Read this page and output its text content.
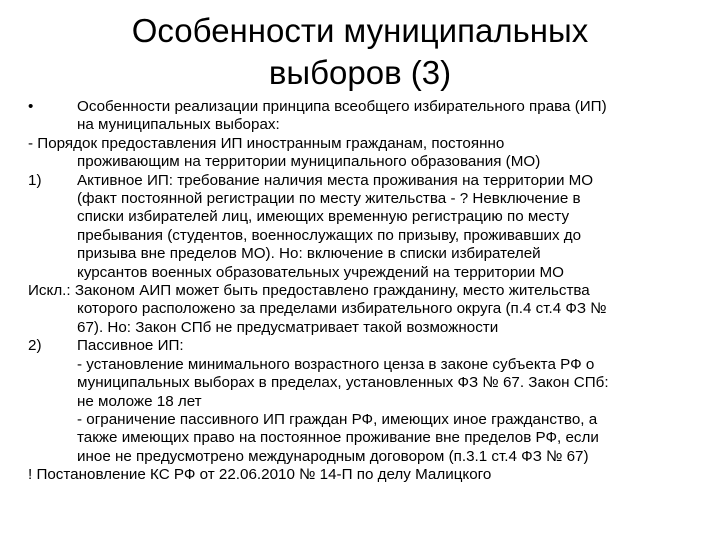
Особенности муниципальных
выборов (3)
•	Особенности реализации принципа всеобщего избирательного права (ИП)
на муниципальных выборах:
- Порядок предоставления ИП иностранным гражданам, постоянно
проживающим на территории муниципального образования (МО)
1) Активное ИП: требование наличия места проживания на территории МО
(факт постоянной регистрации по месту жительства - ? Невключение в
списки избирателей лиц, имеющих временную регистрацию по месту
пребывания (студентов, военнослужащих по призыву, проживавших до
призыва вне пределов МО). Но: включение в списки избирателей
курсантов военных образовательных учреждений на территории МО
Искл.: Законом АИП может быть предоставлено гражданину, место жительства
которого расположено за пределами избирательного округа (п.4 ст.4 ФЗ №
67). Но: Закон СПб не предусматривает такой возможности
2) Пассивное ИП:
- установление минимального возрастного ценза в законе субъекта РФ о
муниципальных выборах в пределах, установленных ФЗ № 67. Закон СПб:
не моложе 18 лет
- ограничение пассивного ИП граждан РФ, имеющих иное гражданство, а
также имеющих право на постоянное проживание вне пределов РФ, если
иное не предусмотрено международным договором (п.3.1 ст.4 ФЗ № 67)
! Постановление КС РФ от 22.06.2010 № 14-П по делу Малицкого
